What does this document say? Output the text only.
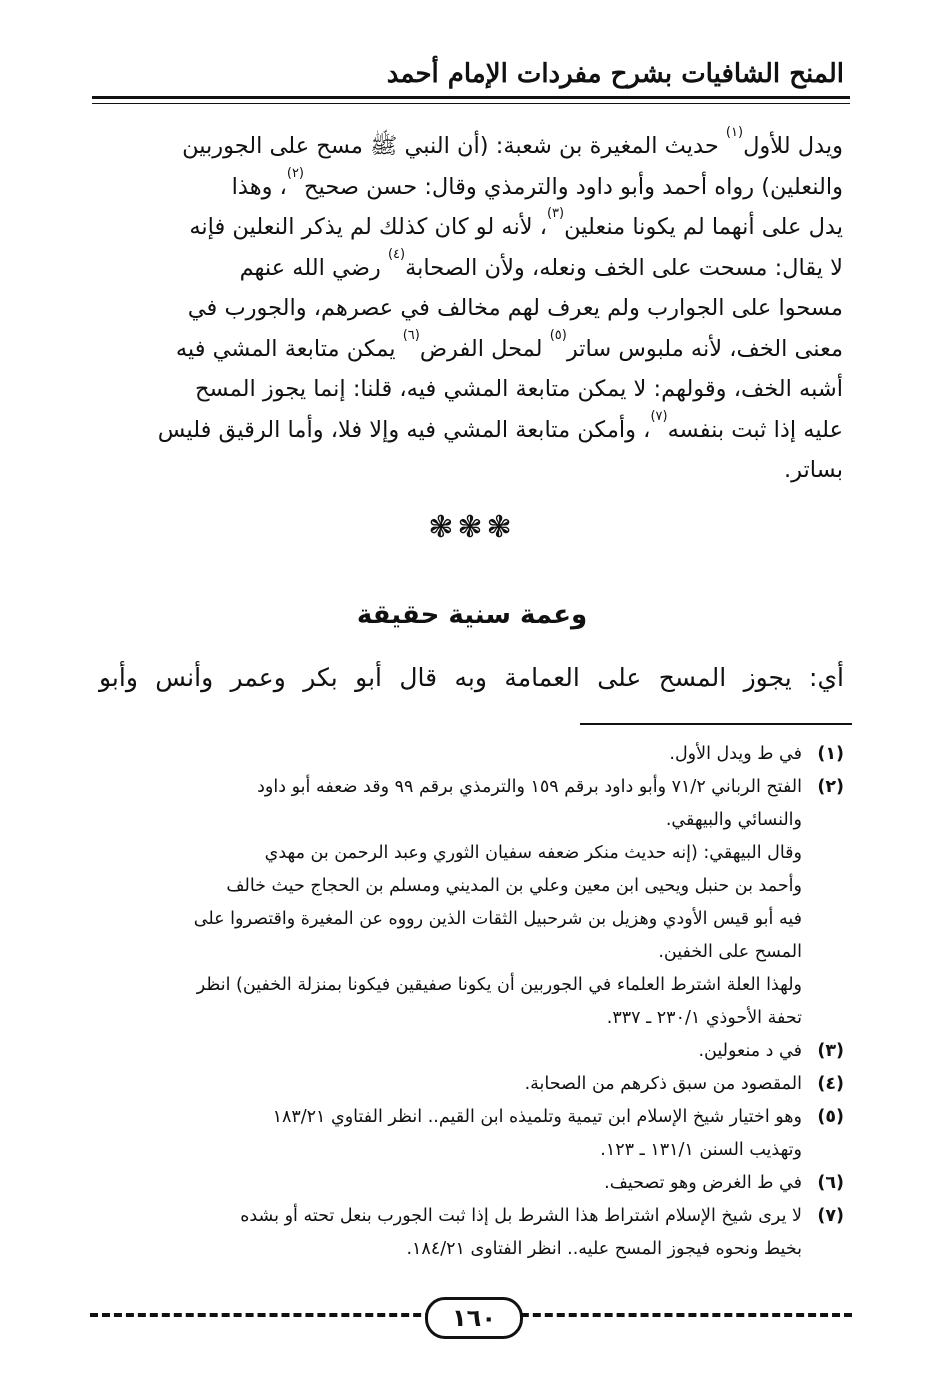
المنح الشافيات بشرح مفردات الإمام أحمد
ويدل للأول$^{(١)}$ حديث المغيرة بن شعبة: (أن النبي ﷺ مسح على الجوربين
والنعلين) رواه أحمد وأبو داود والترمذي وقال: حسن صحيح$^{(٢)}$، وهذا
يدل على أنهما لم يكونا منعلين$^{(٣)}$، لأنه لو كان كذلك لم يذكر النعلين فإنه
لا يقال: مسحت على الخف ونعله، ولأن الصحابة$^{(٤)}$ رضي الله عنهم
مسحوا على الجوارب ولم يعرف لهم مخالف في عصرهم، والجورب في
معنى الخف، لأنه ملبوس ساتر$^{(٥)}$ لمحل الفرض$^{(٦)}$ يمكن متابعة المشي فيه
أشبه الخف، وقولهم: لا يمكن متابعة المشي فيه، قلنا: إنما يجوز المسح
عليه إذا ثبت بنفسه$^{(٧)}$، وأمكن متابعة المشي فيه وإلا فلا، وأما الرقيق فليس
بساتر.
❃❃❃
وعمة سنية حقيقة
أي: يجوز المسح على العمامة وبه قال أبو بكر وعمر وأنس وأبو
(١)
في ط ويدل الأول.
(٢)
الفتح الرباني ٧١/٢ وأبو داود برقم ١٥٩ والترمذي برقم ٩٩ وقد ضعفه أبو داود
والنسائي والبيهقي.
وقال البيهقي: (إنه حديث منكر ضعفه سفيان الثوري وعبد الرحمن بن مهدي
وأحمد بن حنبل ويحيى ابن معين وعلي بن المديني ومسلم بن الحجاج حيث خالف
فيه أبو قيس الأودي وهزيل بن شرحبيل الثقات الذين رووه عن المغيرة واقتصروا على
المسح على الخفين.
ولهذا العلة اشترط العلماء في الجوربين أن يكونا صفيقين فيكونا بمنزلة الخفين) انظر
تحفة الأحوذي ٢٣٠/١ ـ ٣٣٧.
(٣)
في د منعولين.
(٤)
المقصود من سبق ذكرهم من الصحابة.
(٥)
وهو اختيار شيخ الإسلام ابن تيمية وتلميذه ابن القيم.. انظر الفتاوي ١٨٣/٢١
وتهذيب السنن ١٣١/١ ـ ١٢٣.
(٦)
في ط الغرض وهو تصحيف.
(٧)
لا يرى شيخ الإسلام اشتراط هذا الشرط بل إذا ثبت الجورب بنعل تحته أو بشده
بخيط ونحوه فيجوز المسح عليه.. انظر الفتاوى ١٨٤/٢١.
١٦٠
